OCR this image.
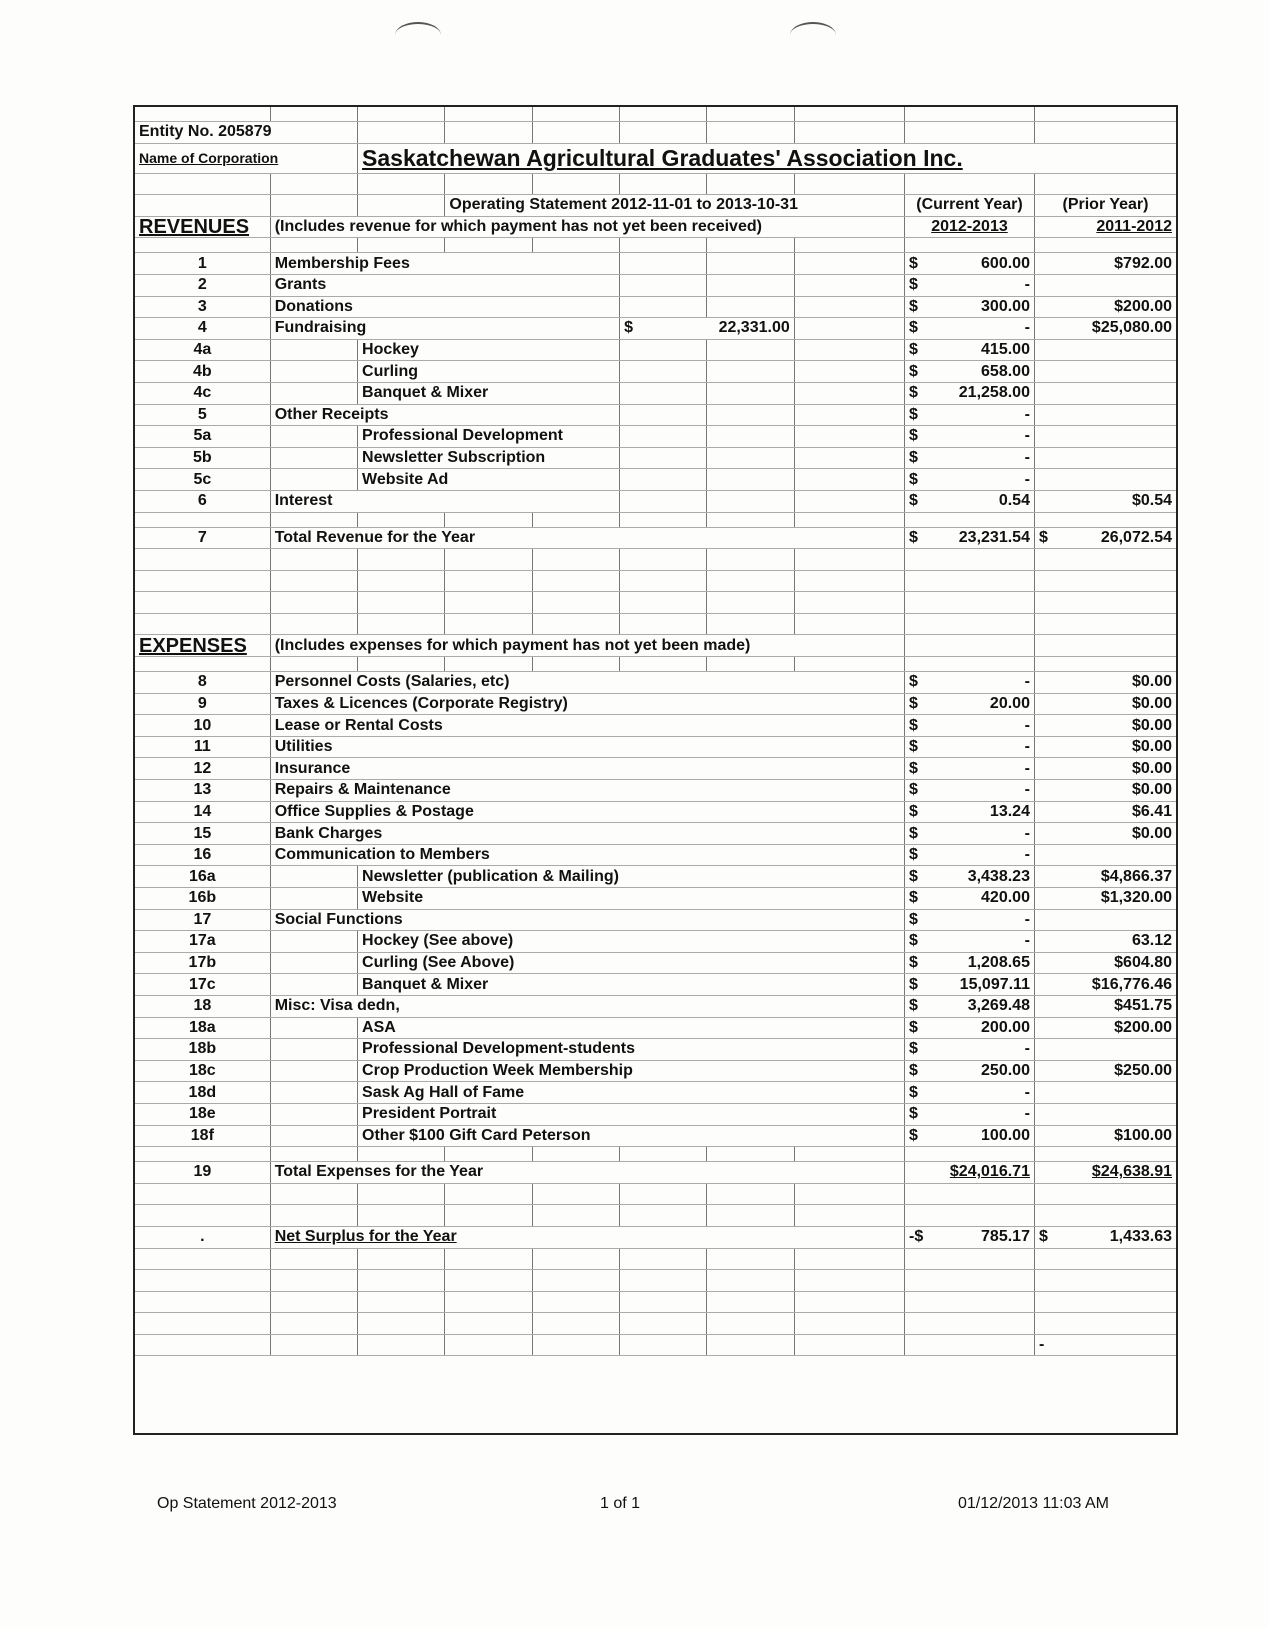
Entity No. 205879									
Name of Corporation		Saskatchewan Agricultural Graduates' Association Inc.							

			Operating Statement 2012-11-01 to 2013-10-31					(Current Year)	(Prior Year)
REVENUES	(Includes revenue for which payment has not yet been received)							2012-2013	2011-2012

1	Membership Fees							$ 600.00	$792.00
2	Grants							$ -	
3	Donations							$ 300.00	$200.00
4	Fundraising				$ 22,331.00			$ -	$25,080.00
4a		Hockey						$ 415.00	
4b		Curling						$ 658.00	
4c		Banquet & Mixer						$ 21,258.00	
5	Other Receipts							$ -	
5a		Professional Development						$ -	
5b		Newsletter Subscription						$ -	
5c		Website Ad						$ -	
6	Interest							$ 0.54	$0.54

7	Total Revenue for the Year							$ 23,231.54	$ 26,072.54

EXPENSES	(Includes expenses for which payment has not yet been made)								

8	Personnel Costs (Salaries, etc)							$ -	$0.00
9	Taxes & Licences (Corporate Registry)							$ 20.00	$0.00
10	Lease or Rental Costs							$ -	$0.00
11	Utilities							$ -	$0.00
12	Insurance							$ -	$0.00
13	Repairs & Maintenance							$ -	$0.00
14	Office Supplies & Postage							$ 13.24	$6.41
15	Bank Charges							$ -	$0.00
16	Communication to Members							$ -	
16a		Newsletter (publication & Mailing)						$ 3,438.23	$4,866.37
16b		Website						$ 420.00	$1,320.00
17	Social Functions							$ -	
17a		Hockey (See above)						$ -	63.12
17b		Curling (See Above)						$ 1,208.65	$604.80
17c		Banquet & Mixer						$ 15,097.11	$16,776.46
18	Misc: Visa dedn,							$ 3,269.48	$451.75
18a		ASA						$ 200.00	$200.00
18b		Professional Development-students						$ -	
18c		Crop Production Week Membership						$ 250.00	$250.00
18d		Sask Ag Hall of Fame						$ -	
18e		President Portrait						$ -	
18f		Other $100 Gift Card Peterson						$ 100.00	$100.00

19	Total Expenses for the Year							$24,016.71	$24,638.91

.	Net Surplus for the Year							-$ 785.17	$ 1,433.63

									-
Op Statement 2012-2013	1 of 1	01/12/2013 11:03 AM
